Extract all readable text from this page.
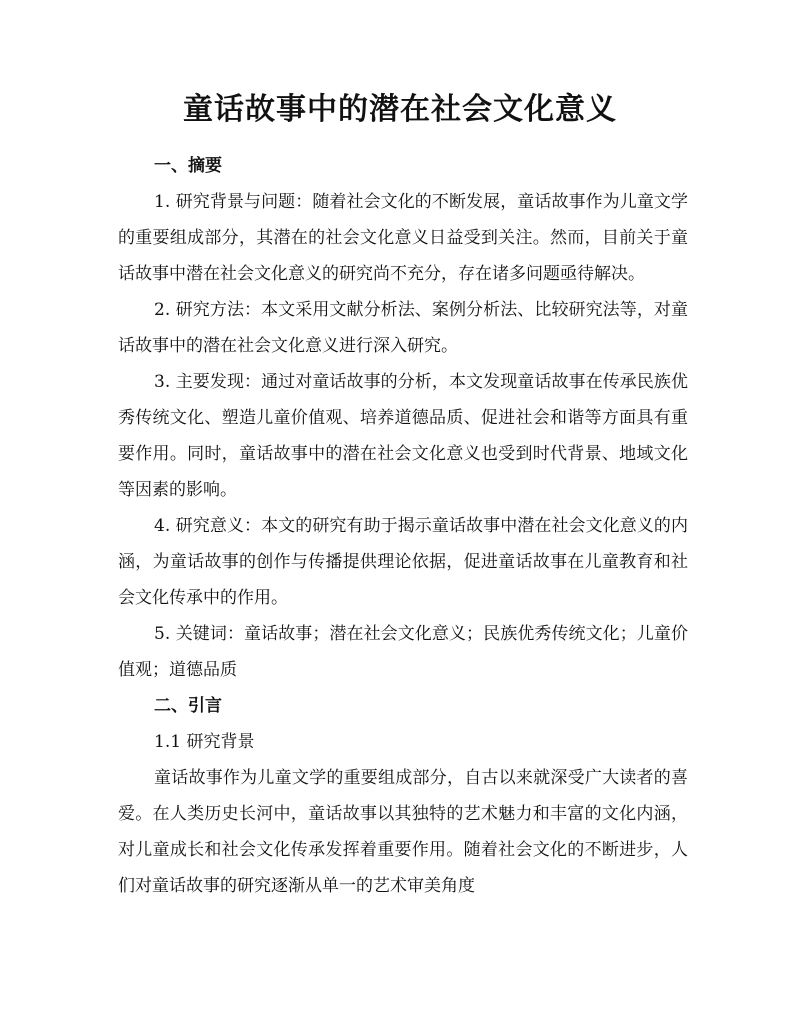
童话故事中的潜在社会文化意义
一、摘要

1. 研究背景与问题：随着社会文化的不断发展，童话故事作为儿童文学的重要组成部分，其潜在的社会文化意义日益受到关注。然而，目前关于童话故事中潜在社会文化意义的研究尚不充分，存在诸多问题亟待解决。

2. 研究方法：本文采用文献分析法、案例分析法、比较研究法等，对童话故事中的潜在社会文化意义进行深入研究。

3. 主要发现：通过对童话故事的分析，本文发现童话故事在传承民族优秀传统文化、塑造儿童价值观、培养道德品质、促进社会和谐等方面具有重要作用。同时，童话故事中的潜在社会文化意义也受到时代背景、地域文化等因素的影响。

4. 研究意义：本文的研究有助于揭示童话故事中潜在社会文化意义的内涵，为童话故事的创作与传播提供理论依据，促进童话故事在儿童教育和社会文化传承中的作用。

5. 关键词：童话故事；潜在社会文化意义；民族优秀传统文化；儿童价值观；道德品质

二、引言

1.1 研究背景

童话故事作为儿童文学的重要组成部分，自古以来就深受广大读者的喜爱。在人类历史长河中，童话故事以其独特的艺术魅力和丰富的文化内涵，对儿童成长和社会文化传承发挥着重要作用。随着社会文化的不断进步，人们对童话故事的研究逐渐从单一的艺术审美角度
